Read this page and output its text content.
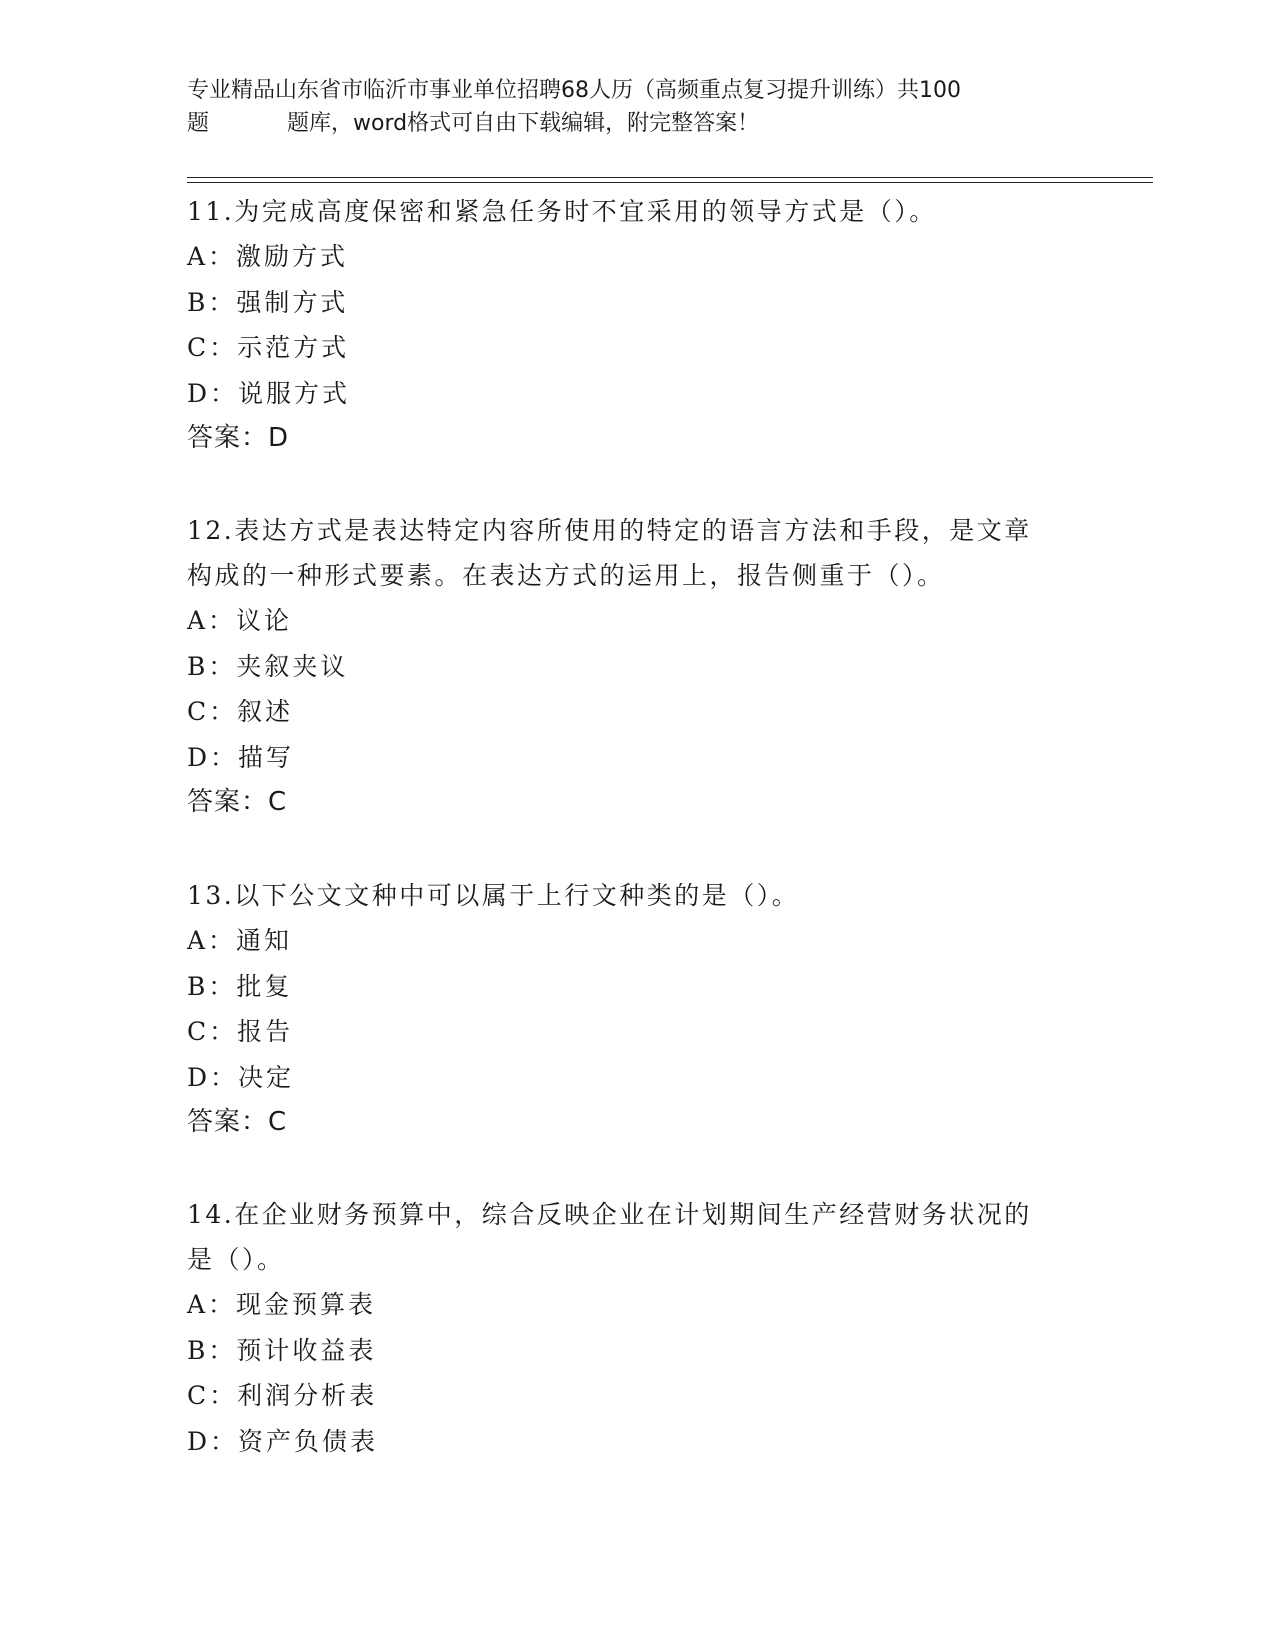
专业精品山东省市临沂市事业单位招聘68人历（高频重点复习提升训练）共100
题	题库，word格式可自由下载编辑，附完整答案！
11.为完成高度保密和紧急任务时不宜采用的领导方式是（）。
A：激励方式
B：强制方式
C：示范方式
D：说服方式
答案：D
12.表达方式是表达特定内容所使用的特定的语言方法和手段，是文章
构成的一种形式要素。在表达方式的运用上，报告侧重于（）。
A：议论
B：夹叙夹议
C：叙述
D：描写
答案：C
13.以下公文文种中可以属于上行文种类的是（）。
A：通知
B：批复
C：报告
D：决定
答案：C
14.在企业财务预算中，综合反映企业在计划期间生产经营财务状况的
是（）。
A：现金预算表
B：预计收益表
C：利润分析表
D：资产负债表
